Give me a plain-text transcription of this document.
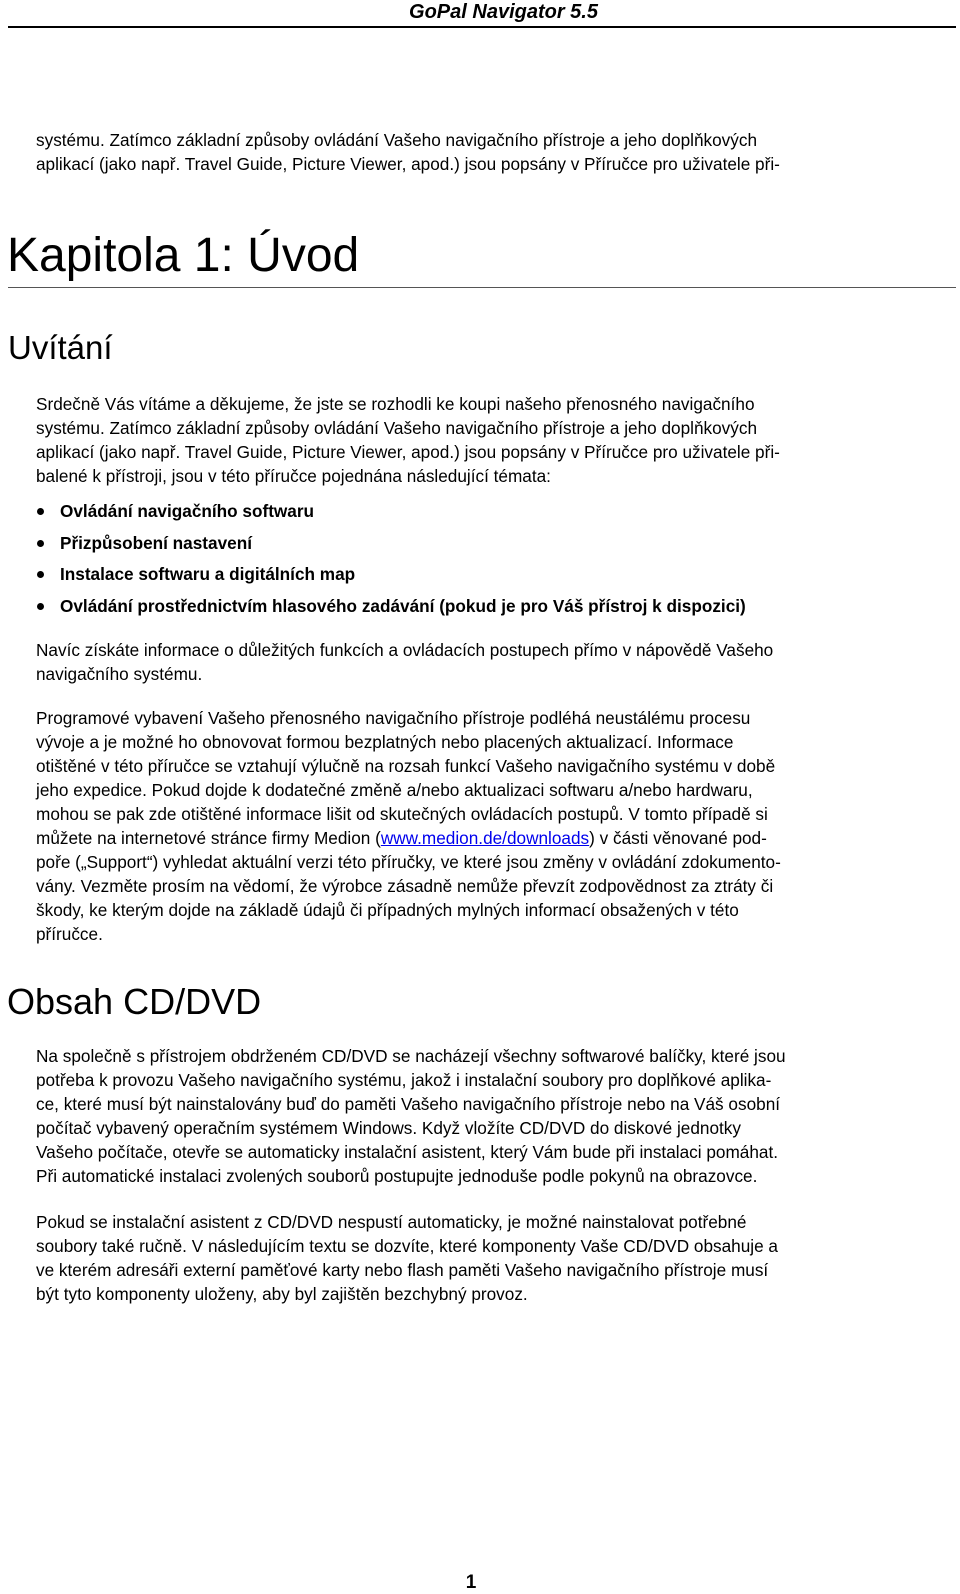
GoPal Navigator 5.5
systému. Zatímco základní způsoby ovládání Vašeho navigačního přístroje a jeho doplňkových
aplikací (jako např. Travel Guide, Picture Viewer, apod.) jsou popsány v Příručce pro uživatele při-
Kapitola 1: Úvod
Uvítání
Srdečně Vás vítáme a děkujeme, že jste se rozhodli ke koupi našeho přenosného navigačního
systému. Zatímco základní způsoby ovládání Vašeho navigačního přístroje a jeho doplňkových
aplikací (jako např. Travel Guide, Picture Viewer, apod.) jsou popsány v Příručce pro uživatele při-
balené k přístroji, jsou v této příručce pojednána následující témata:
Ovládání navigačního softwaru
Přizpůsobení nastavení
Instalace softwaru a digitálních map
Ovládání prostřednictvím hlasového zadávání (pokud je pro Váš přístroj k dispozici)
Navíc získáte informace o důležitých funkcích a ovládacích postupech přímo v nápovědě Vašeho
navigačního systému.
Programové vybavení Vašeho přenosného navigačního přístroje podléhá neustálému procesu
vývoje a je možné ho obnovovat formou bezplatných nebo placených aktualizací. Informace
otištěné v této příručce se vztahují výlučně na rozsah funkcí Vašeho navigačního systému v době
jeho expedice. Pokud dojde k dodatečné změně a/nebo aktualizaci softwaru a/nebo hardwaru,
mohou se pak zde otištěné informace lišit od skutečných ovládacích postupů. V tomto případě si
můžete na internetové stránce firmy Medion (www.medion.de/downloads) v části věnované pod-
poře („Support“) vyhledat aktuální verzi této příručky, ve které jsou změny v ovládání zdokumento-
vány. Vezměte prosím na vědomí, že výrobce zásadně nemůže převzít zodpovědnost za ztráty či
škody, ke kterým dojde na základě údajů či případných mylných informací obsažených v této
příručce.
Obsah CD/DVD
Na společně s přístrojem obdrženém CD/DVD se nacházejí všechny softwarové balíčky, které jsou
potřeba k provozu Vašeho navigačního systému, jakož i instalační soubory pro doplňkové aplika-
ce, které musí být nainstalovány buď do paměti Vašeho navigačního přístroje nebo na Váš osobní
počítač vybavený operačním systémem Windows. Když vložíte CD/DVD do diskové jednotky
Vašeho počítače, otevře se automaticky instalační asistent, který Vám bude při instalaci pomáhat.
Při automatické instalaci zvolených souborů postupujte jednoduše podle pokynů na obrazovce.
Pokud se instalační asistent z CD/DVD nespustí automaticky, je možné nainstalovat potřebné
soubory také ručně. V následujícím textu se dozvíte, které komponenty Vaše CD/DVD obsahuje a
ve kterém adresáři externí paměťové karty nebo flash paměti Vašeho navigačního přístroje musí
být tyto komponenty uloženy, aby byl zajištěn bezchybný provoz.
1
